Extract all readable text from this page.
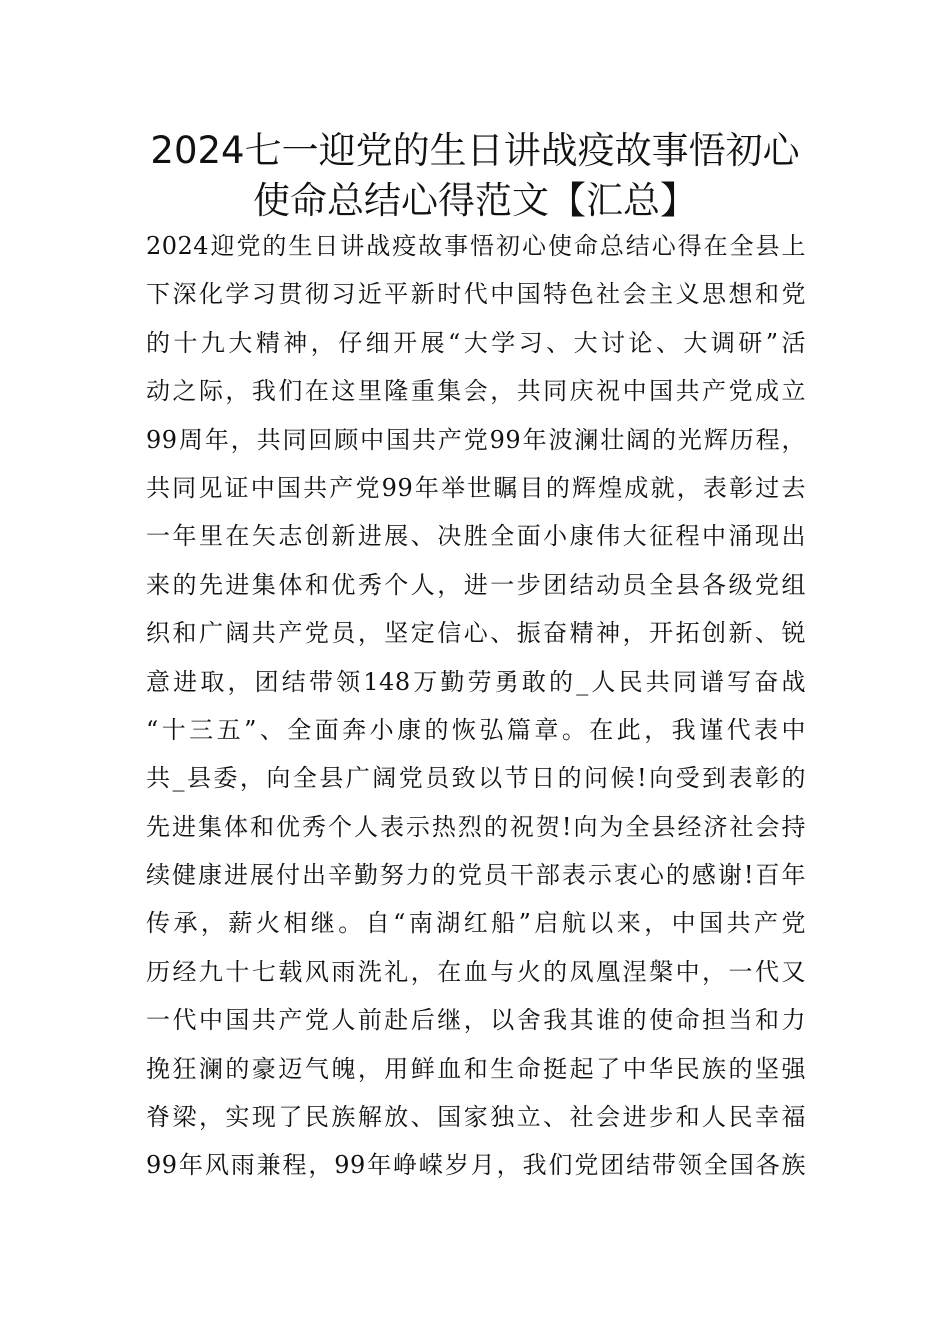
2024七一迎党的生日讲战疫故事悟初心
使命总结心得范文【汇总】
2024迎党的生日讲战疫故事悟初心使命总结心得在全县上
下深化学习贯彻习近平新时代中国特色社会主义思想和党
的十九大精神，仔细开展“大学习、大讨论、大调研”活
动之际，我们在这里隆重集会，共同庆祝中国共产党成立
99周年，共同回顾中国共产党99年波澜壮阔的光辉历程，
共同见证中国共产党99年举世瞩目的辉煌成就，表彰过去
一年里在矢志创新进展、决胜全面小康伟大征程中涌现出
来的先进集体和优秀个人，进一步团结动员全县各级党组
织和广阔共产党员，坚定信心、振奋精神，开拓创新、锐
意进取，团结带领148万勤劳勇敢的_人民共同谱写奋战
“十三五”、全面奔小康的恢弘篇章。在此，我谨代表中
共_县委，向全县广阔党员致以节日的问候!向受到表彰的
先进集体和优秀个人表示热烈的祝贺!向为全县经济社会持
续健康进展付出辛勤努力的党员干部表示衷心的感谢!百年
传承，薪火相继。自“南湖红船”启航以来，中国共产党
历经九十七载风雨洗礼，在血与火的凤凰涅槃中，一代又
一代中国共产党人前赴后继，以舍我其谁的使命担当和力
挽狂澜的豪迈气魄，用鲜血和生命挺起了中华民族的坚强
脊梁，实现了民族解放、国家独立、社会进步和人民幸福
99年风雨兼程，99年峥嵘岁月，我们党团结带领全国各族
